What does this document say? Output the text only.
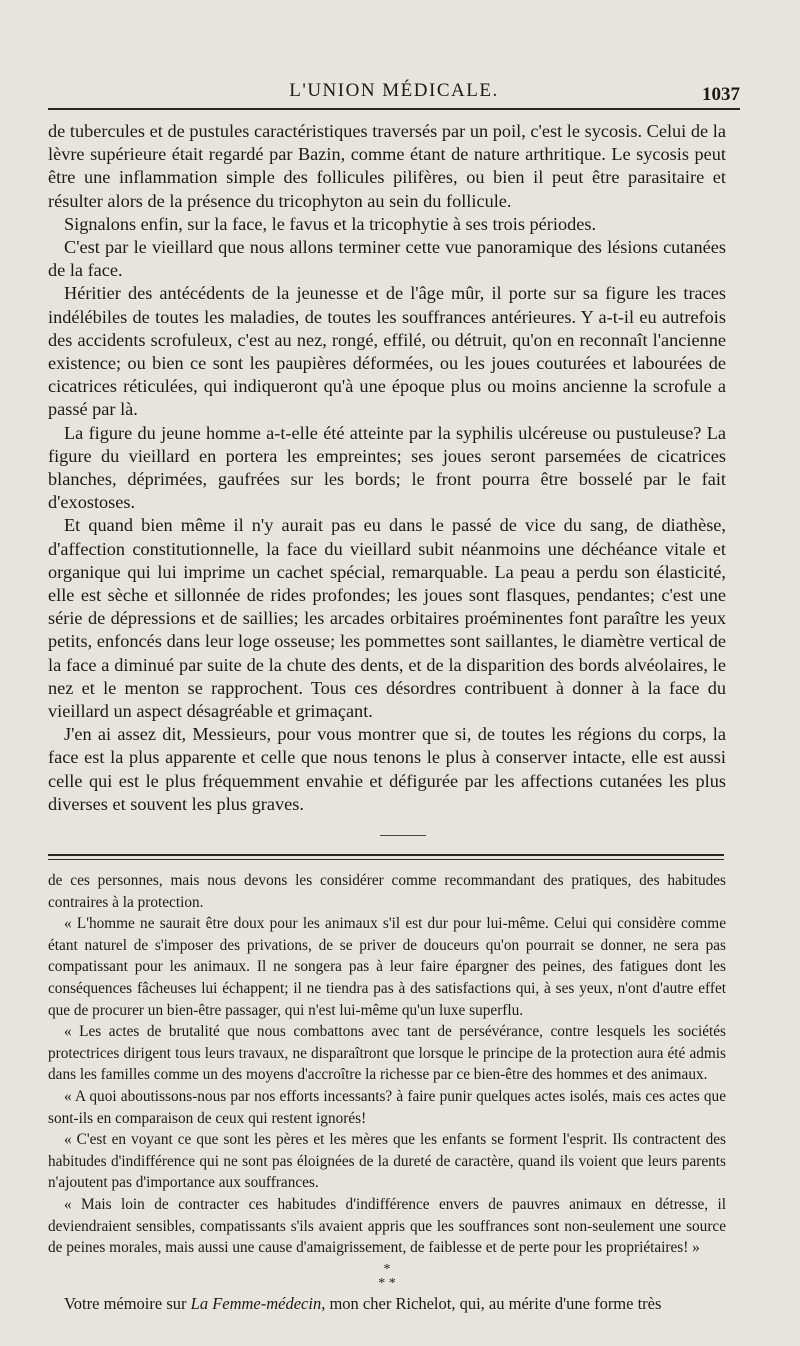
L'UNION MÉDICALE.	1037

de tubercules et de pustules caractéristiques traversés par un poil, c'est le sycosis. Celui de la lèvre supérieure était regardé par Bazin, comme étant de nature arthritique. Le sycosis peut être une inflammation simple des follicules pilifères, ou bien il peut être parasitaire et résulter alors de la présence du tricophyton au sein du follicule.

Signalons enfin, sur la face, le favus et la tricophytie à ses trois périodes.

C'est par le vieillard que nous allons terminer cette vue panoramique des lésions cutanées de la face.

Héritier des antécédents de la jeunesse et de l'âge mûr, il porte sur sa figure les traces indélébiles de toutes les maladies, de toutes les souffrances antérieures. Y a-t-il eu autrefois des accidents scrofuleux, c'est au nez, rongé, effilé, ou détruit, qu'on en reconnaît l'ancienne existence; ou bien ce sont les paupières déformées, ou les joues couturées et labourées de cicatrices réticulées, qui indiqueront qu'à une époque plus ou moins ancienne la scrofule a passé par là.

La figure du jeune homme a-t-elle été atteinte par la syphilis ulcéreuse ou pustuleuse? La figure du vieillard en portera les empreintes; ses joues seront parsemées de cicatrices blanches, déprimées, gaufrées sur les bords; le front pourra être bosselé par le fait d'exostoses.

Et quand bien même il n'y aurait pas eu dans le passé de vice du sang, de diathèse, d'affection constitutionnelle, la face du vieillard subit néanmoins une déchéance vitale et organique qui lui imprime un cachet spécial, remarquable. La peau a perdu son élasticité, elle est sèche et sillonnée de rides profondes; les joues sont flasques, pendantes; c'est une série de dépressions et de saillies; les arcades orbitaires proéminentes font paraître les yeux petits, enfoncés dans leur loge osseuse; les pommettes sont saillantes, le diamètre vertical de la face a diminué par suite de la chute des dents, et de la disparition des bords alvéolaires, le nez et le menton se rapprochent. Tous ces désordres contribuent à donner à la face du vieillard un aspect désagréable et grimaçant.

J'en ai assez dit, Messieurs, pour vous montrer que si, de toutes les régions du corps, la face est la plus apparente et celle que nous tenons le plus à conserver intacte, elle est aussi celle qui est le plus fréquemment envahie et défigurée par les affections cutanées les plus diverses et souvent les plus graves.

de ces personnes, mais nous devons les considérer comme recommandant des pratiques, des habitudes contraires à la protection.

« L'homme ne saurait être doux pour les animaux s'il est dur pour lui-même. Celui qui considère comme étant naturel de s'imposer des privations, de se priver de douceurs qu'on pourrait se donner, ne sera pas compatissant pour les animaux. Il ne songera pas à leur faire épargner des peines, des fatigues dont les conséquences fâcheuses lui échappent; il ne tiendra pas à des satisfactions qui, à ses yeux, n'ont d'autre effet que de procurer un bien-être passager, qui n'est lui-même qu'un luxe superflu.

« Les actes de brutalité que nous combattons avec tant de persévérance, contre lesquels les sociétés protectrices dirigent tous leurs travaux, ne disparaîtront que lorsque le principe de la protection aura été admis dans les familles comme un des moyens d'accroître la richesse par ce bien-être des hommes et des animaux.

« A quoi aboutissons-nous par nos efforts incessants? à faire punir quelques actes isolés, mais ces actes que sont-ils en comparaison de ceux qui restent ignorés!

« C'est en voyant ce que sont les pères et les mères que les enfants se forment l'esprit. Ils contractent des habitudes d'indifférence qui ne sont pas éloignées de la dureté de caractère, quand ils voient que leurs parents n'ajoutent pas d'importance aux souffrances.

« Mais loin de contracter ces habitudes d'indifférence envers de pauvres animaux en détresse, il deviendraient sensibles, compatissants s'ils avaient appris que les souffrances sont non-seulement une source de peines morales, mais aussi une cause d'amaigrissement, de faiblesse et de perte pour les propriétaires! »

*
* *

Votre mémoire sur La Femme-médecin, mon cher Richelot, qui, au mérite d'une forme très
